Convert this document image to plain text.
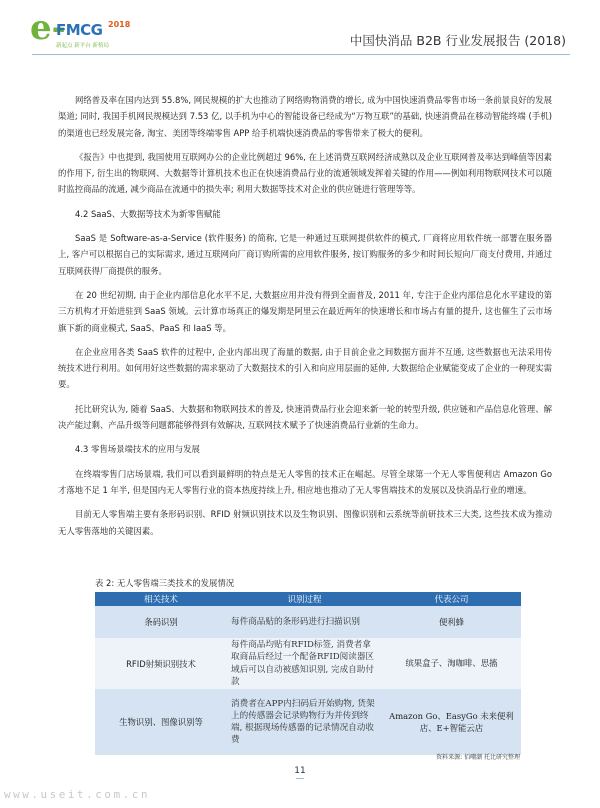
e-
FMCG 2018
新起点 新平台 新格局	中国快消品 B2B 行业发展报告 (2018)

网络普及率在国内达到 55.8%, 网民规模的扩大也推动了网络购物消费的增长, 成为中国快速消费品零售市场一条前景良好的发展渠道; 同时, 我国手机网民规模达到 7.53 亿, 以手机为中心的智能设备已经成为“万物互联”的基础, 快速消费品在移动智能终端 (手机) 的渠道也已经发展完备, 淘宝、美团等终端零售 APP 给手机端快速消费品的零售带来了极大的便利。

《报告》中也提到, 我国使用互联网办公的企业比例超过 96%, 在上述消费互联网经济成熟以及企业互联网普及率达到峰值等因素的作用下, 衍生出的物联网、大数据等计算机技术也正在快速消费品行业的流通领域发挥着关键的作用——例如利用物联网技术可以随时监控商品的流通, 减少商品在流通中的损失率; 利用大数据等技术对企业的供应链进行管理等等。

4.2 SaaS、大数据等技术为新零售赋能

SaaS 是 Software-as-a-Service (软件服务) 的简称, 它是一种通过互联网提供软件的模式, 厂商将应用软件统一部署在服务器上, 客户可以根据自己的实际需求, 通过互联网向厂商订购所需的应用软件服务, 按订购服务的多少和时间长短向厂商支付费用, 并通过互联网获得厂商提供的服务。

在 20 世纪初期, 由于企业内部信息化水平不足, 大数据应用并没有得到全面普及, 2011 年, 专注于企业内部信息化水平建设的第三方机构才开始进驻到 SaaS 领域。云计算市场真正的爆发期是阿里云在最近两年的快速增长和市场占有量的提升, 这也催生了云市场旗下新的商业模式, SaaS、PaaS 和 IaaS 等。

在企业应用各类 SaaS 软件的过程中, 企业内部出现了海量的数据, 由于目前企业之间数据方面并不互通, 这些数据也无法采用传统技术进行利用。如何用好这些数据的需求驱动了大数据技术的引入和向应用层面的延伸, 大数据给企业赋能变成了企业的一种现实需要。

托比研究认为, 随着 SaaS、大数据和物联网技术的普及, 快速消费品行业会迎来新一轮的转型升级, 供应链和产品信息化管理、解决产能过剩、产品升级等问题都能够得到有效解决, 互联网技术赋予了快速消费品行业新的生命力。

4.3 零售场景端技术的应用与发展

在终端零售门店场景端, 我们可以看到最鲜明的特点是无人零售的技术正在崛起。尽管全球第一个无人零售便利店 Amazon Go 才落地不足 1 年半, 但是国内无人零售行业的资本热度持续上升, 相应地也推动了无人零售端技术的发展以及快消品行业的增速。

目前无人零售端主要有条形码识别、RFID 射频识别技术以及生物识别、图像识别和云系统等前研技术三大类, 这些技术成为推动无人零售落地的关键因素。

表 2: 无人零售端三类技术的发展情况
相关技术	识别过程	代表公司
条码识别	每件商品贴的条形码进行扫描识别	便利蜂
RFID射频识别技术	每件商品均贴有RFID标签, 消费者拿取商品后经过一个配备RFID阅读器区域后可以自动被感知识别, 完成自助付款	缤果盒子、淘咖啡、思搐
生物识别、图像识别等	消费者在APP内扫码后开始购物, 货架上的传感器会记录购物行为并传到终端, 根据现场传感器的记录情况自动收费	Amazon Go、EasyGo 未来便利店、E+智能云店
资料来源: 佰嘲潮 托比研究整理
11
www.useit.com.cn
